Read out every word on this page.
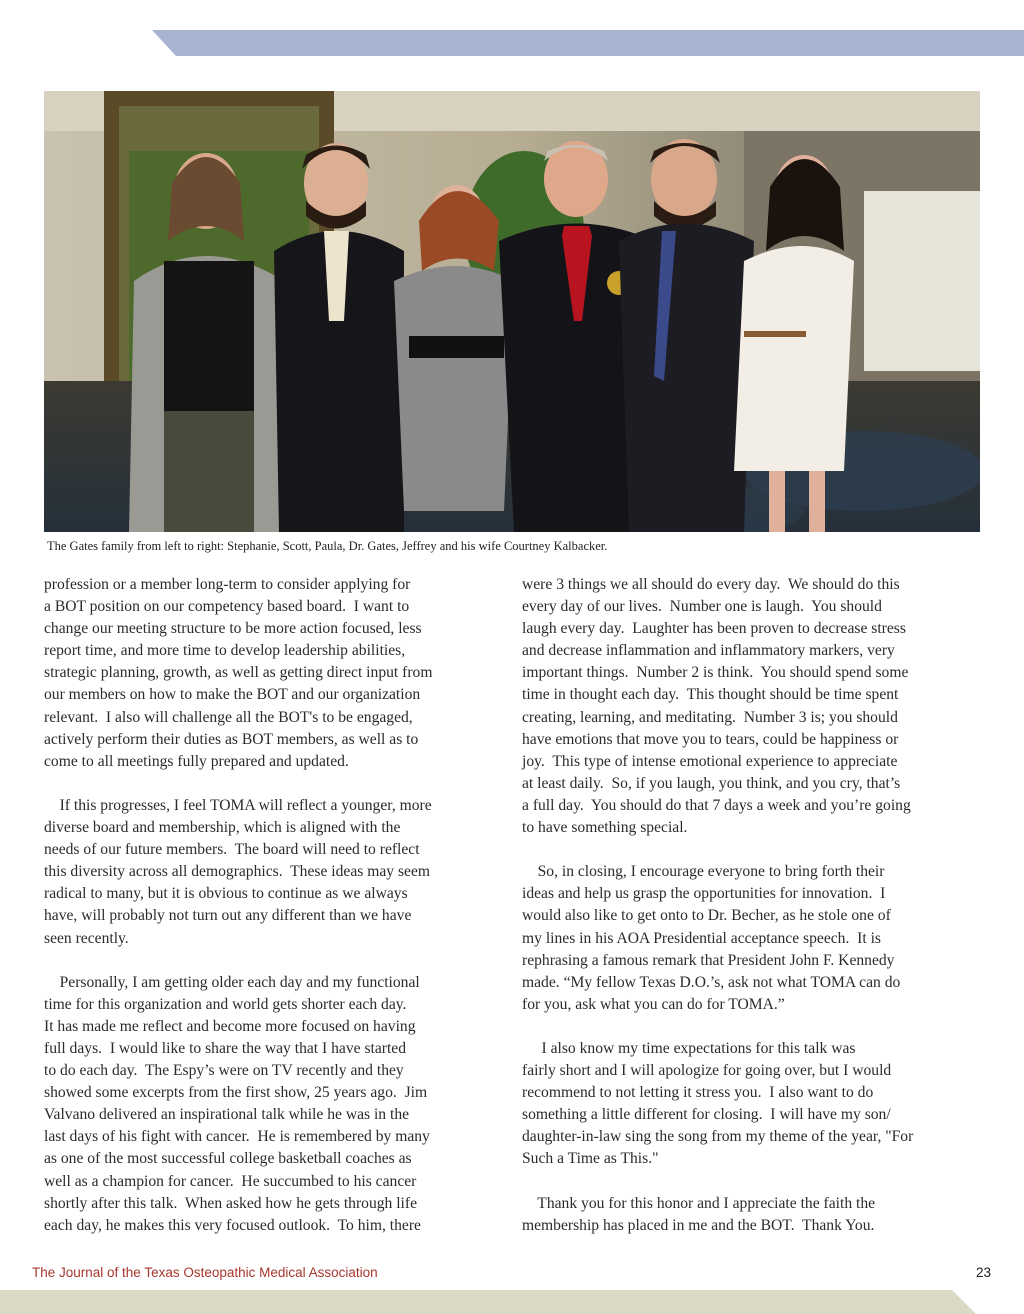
The Gates family from left to right: Stephanie, Scott, Paula, Dr. Gates, Jeffrey and his wife Courtney Kalbacker.
profession or a member long-term to consider applying for
a BOT position on our competency based board.  I want to
change our meeting structure to be more action focused, less
report time, and more time to develop leadership abilities,
strategic planning, growth, as well as getting direct input from
our members on how to make the BOT and our organization
relevant.  I also will challenge all the BOT's to be engaged,
actively perform their duties as BOT members, as well as to
come to all meetings fully prepared and updated.
If this progresses, I feel TOMA will reflect a younger, more
diverse board and membership, which is aligned with the
needs of our future members.  The board will need to reflect
this diversity across all demographics.  These ideas may seem
radical to many, but it is obvious to continue as we always
have, will probably not turn out any different than we have
seen recently.
Personally, I am getting older each day and my functional
time for this organization and world gets shorter each day.
It has made me reflect and become more focused on having
full days.  I would like to share the way that I have started
to do each day.  The Espy’s were on TV recently and they
showed some excerpts from the first show, 25 years ago.  Jim
Valvano delivered an inspirational talk while he was in the
last days of his fight with cancer.  He is remembered by many
as one of the most successful college basketball coaches as
well as a champion for cancer.  He succumbed to his cancer
shortly after this talk.  When asked how he gets through life
each day, he makes this very focused outlook.  To him, there
were 3 things we all should do every day.  We should do this
every day of our lives.  Number one is laugh.  You should
laugh every day.  Laughter has been proven to decrease stress
and decrease inflammation and inflammatory markers, very
important things.  Number 2 is think.  You should spend some
time in thought each day.  This thought should be time spent
creating, learning, and meditating.  Number 3 is; you should
have emotions that move you to tears, could be happiness or
joy.  This type of intense emotional experience to appreciate
at least daily.  So, if you laugh, you think, and you cry, that’s
a full day.  You should do that 7 days a week and you’re going
to have something special.
So, in closing, I encourage everyone to bring forth their
ideas and help us grasp the opportunities for innovation.  I
would also like to get onto to Dr. Becher, as he stole one of
my lines in his AOA Presidential acceptance speech.  It is
rephrasing a famous remark that President John F. Kennedy
made. “My fellow Texas D.O.’s, ask not what TOMA can do
for you, ask what you can do for TOMA.”
I also know my time expectations for this talk was
fairly short and I will apologize for going over, but I would
recommend to not letting it stress you.  I also want to do
something a little different for closing.  I will have my son/
daughter-in-law sing the song from my theme of the year, "For
Such a Time as This."
Thank you for this honor and I appreciate the faith the
membership has placed in me and the BOT.  Thank You.
The Journal of the Texas Osteopathic Medical Association	23
